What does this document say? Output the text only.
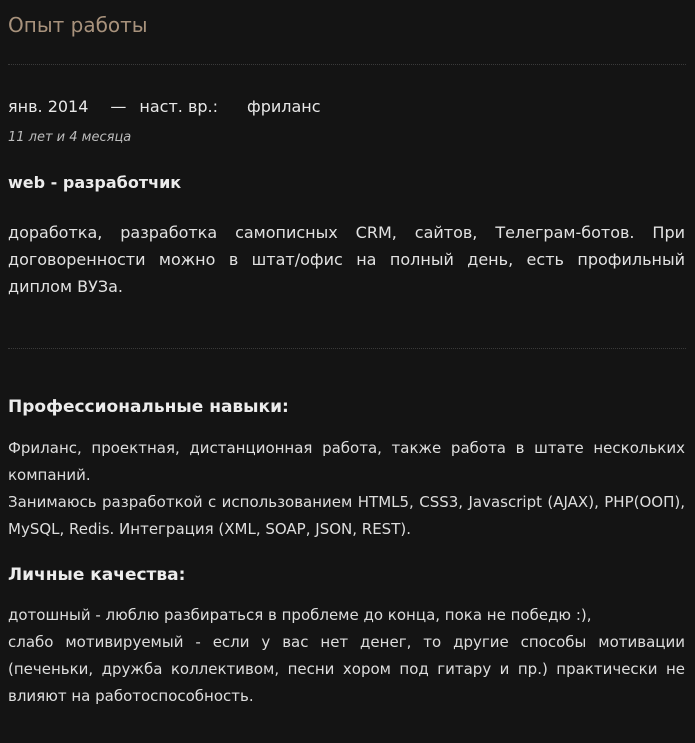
Опыт работы
янв. 2014 — наст. вр.: фриланс
11 лет и 4 месяца
web - разработчик
доработка, разработка самописных CRM, сайтов, Телеграм-ботов. При договоренности можно в штат/офис на полный день, есть профильный диплом ВУЗа.
Профессиональные навыки:

Фриланс, проектная, дистанционная работа, также работа в штате нескольких компаний.

Занимаюсь разработкой с использованием HTML5, CSS3, Javascript (AJAX), PHP(ООП), MySQL, Redis. Интеграция (XML, SOAP, JSON, REST).

Личные качества:

дотошный - люблю разбираться в проблеме до конца, пока не победю :),

слабо мотивируемый - если у вас нет денег, то другие способы мотивации (печеньки, дружба коллективом, песни хором под гитару и пр.) практически не влияют на работоспособность.
